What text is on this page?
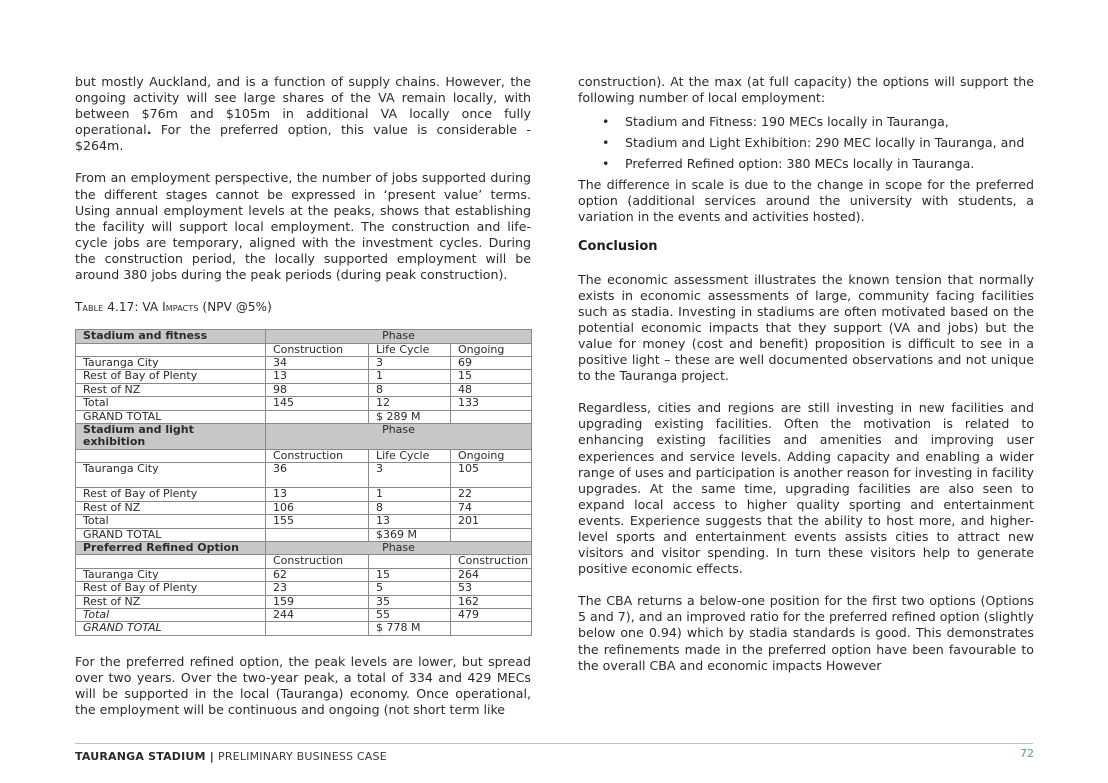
but mostly Auckland, and is a function of supply chains. However, the ongoing activity will see large shares of the VA remain locally, with between $76m and $105m in additional VA locally once fully operational. For the preferred option, this value is considerable - $264m.

From an employment perspective, the number of jobs supported during the different stages cannot be expressed in ‘present value’ terms. Using annual employment levels at the peaks, shows that establishing the facility will support local employment. The construction and life-cycle jobs are temporary, aligned with the investment cycles. During the construction period, the locally supported employment will be around 380 jobs during the peak periods (during peak construction).

Table 4.17: VA Impacts (NPV @5%)
Stadium and fitness	Phase		
	Construction	Life Cycle	Ongoing
Tauranga City	34	3	69
Rest of Bay of Plenty	13	1	15
Rest of NZ	98	8	48
Total	145	12	133
GRAND TOTAL		$ 289 M	
Stadium and light exhibition	Phase		
	Construction	Life Cycle	Ongoing
Tauranga City	36	3	105
Rest of Bay of Plenty	13	1	22
Rest of NZ	106	8	74
Total	155	13	201
GRAND TOTAL		$369 M	
Preferred Refined Option	Phase		
	Construction		Construction
Tauranga City	62	15	264
Rest of Bay of Plenty	23	5	53
Rest of NZ	159	35	162
Total	244	55	479
GRAND TOTAL		$ 778 M	

For the preferred refined option, the peak levels are lower, but spread over two years. Over the two-year peak, a total of 334 and 429 MECs will be supported in the local (Tauranga) economy. Once operational, the employment will be continuous and ongoing (not short term like

construction). At the max (at full capacity) the options will support the following number of local employment:

• Stadium and Fitness: 190 MECs locally in Tauranga,
• Stadium and Light Exhibition: 290 MEC locally in Tauranga, and
• Preferred Refined option: 380 MECs locally in Tauranga.

The difference in scale is due to the change in scope for the preferred option (additional services around the university with students, a variation in the events and activities hosted).

Conclusion

The economic assessment illustrates the known tension that normally exists in economic assessments of large, community facing facilities such as stadia. Investing in stadiums are often motivated based on the potential economic impacts that they support (VA and jobs) but the value for money (cost and benefit) proposition is difficult to see in a positive light – these are well documented observations and not unique to the Tauranga project.

Regardless, cities and regions are still investing in new facilities and upgrading existing facilities. Often the motivation is related to enhancing existing facilities and amenities and improving user experiences and service levels. Adding capacity and enabling a wider range of uses and participation is another reason for investing in facility upgrades. At the same time, upgrading facilities are also seen to expand local access to higher quality sporting and entertainment events. Experience suggests that the ability to host more, and higher-level sports and entertainment events assists cities to attract new visitors and visitor spending. In turn these visitors help to generate positive economic effects.

The CBA returns a below-one position for the first two options (Options 5 and 7), and an improved ratio for the preferred refined option (slightly below one 0.94) which by stadia standards is good. This demonstrates the refinements made in the preferred option have been favourable to the overall CBA and economic impacts However

TAURANGA STADIUM | PRELIMINARY BUSINESS CASE	72
